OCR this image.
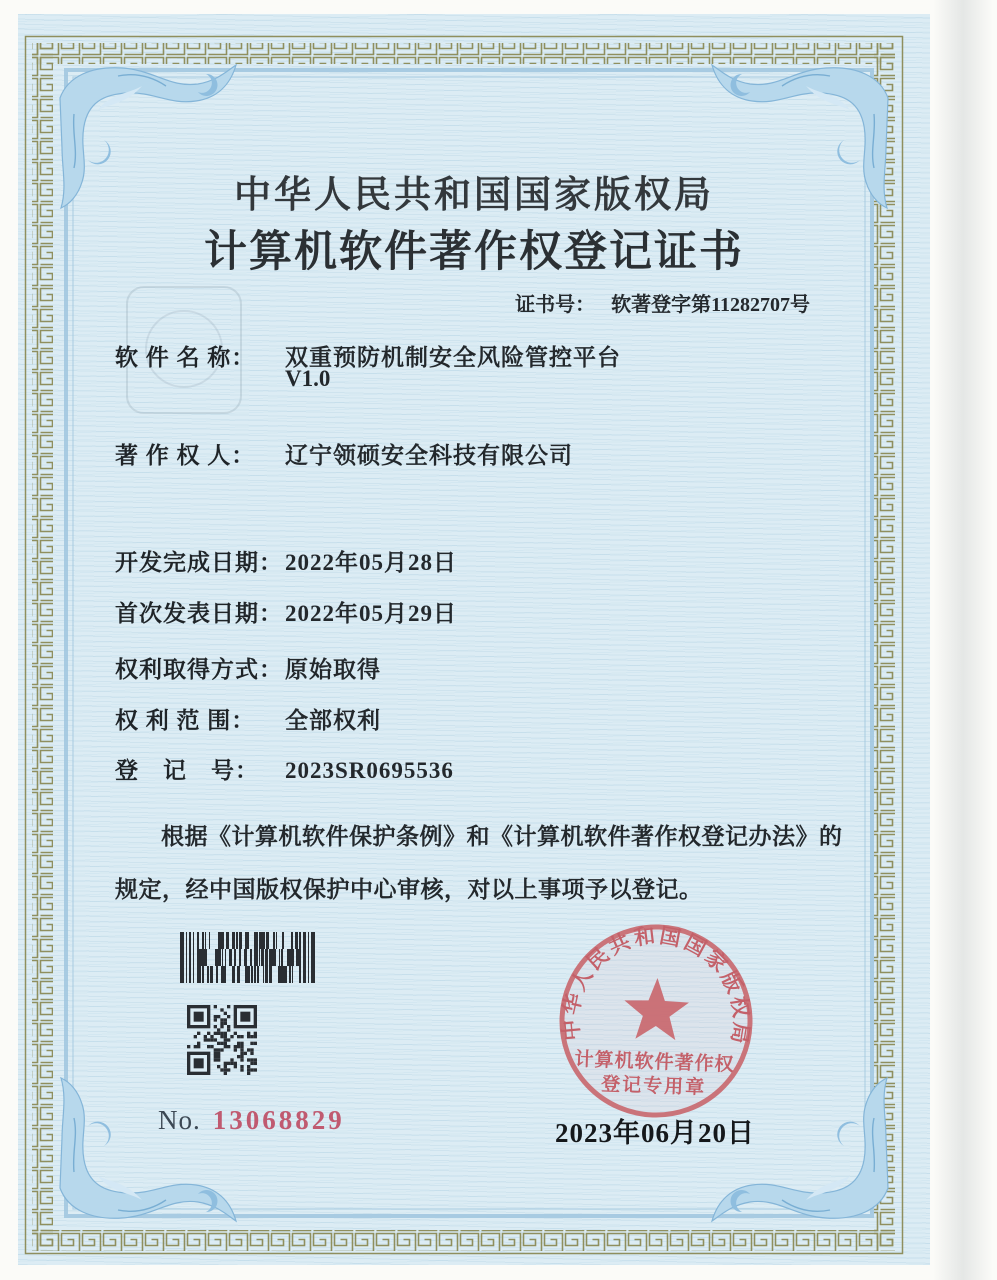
中华人民共和国国家版权局
计算机软件著作权登记证书
证书号： 软著登字第11282707号
软 件 名 称： 双重预防机制安全风险管控平台
V1.0
著 作 权 人： 辽宁领硕安全科技有限公司
开发完成日期：2022年05月28日
首次发表日期：2022年05月29日
权利取得方式：原始取得
权 利 范 围： 全部权利
登　记　号： 2023SR0695536
根据《计算机软件保护条例》和《计算机软件著作权登记办法》的
规定，经中国版权保护中心审核，对以上事项予以登记。
No. 13068829
中华人民共和国国家版权局
计算机软件著作权
登记专用章
2023年06月20日
